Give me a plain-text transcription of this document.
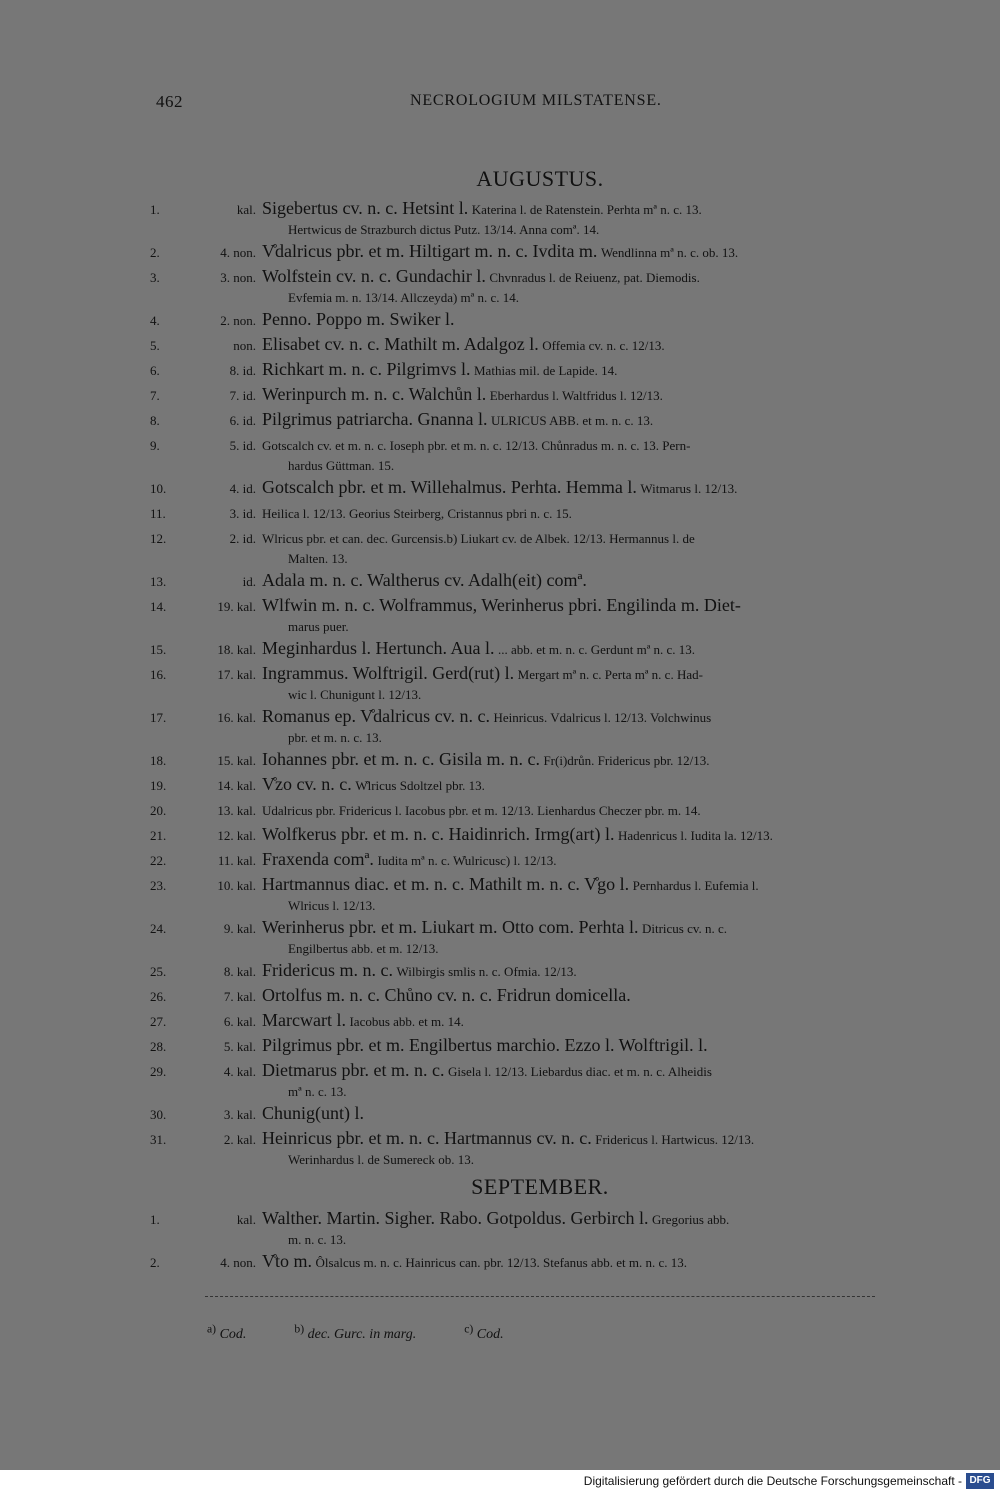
462	NECROLOGIUM MILSTATENSE.
AUGUSTUS.
1.	kal. Sigebertus cv. n. c. Hetsint l. Katerina l. de Ratenstein. Perhta mª n. c. 13.
Hertwicus de Strazburch dictus Putz. 13/14. Anna comª. 14.
2.	4. non. V̊dalricus pbr. et m. Hiltigart m. n. c. Ivdita m. Wendlinna mª n. c. ob. 13.
3.	3. non. Wolfstein cv. n. c. Gundachir l. Chvnradus l. de Reiuenz, pat. Diemodis.
Evfemia m. n. 13/14. Allczeyda) mª n. c. 14.
4.	2. non. Penno. Poppo m. Swiker l.
5.	non. Elisabet cv. n. c. Mathilt m. Adalgoz l. Offemia cv. n. c. 12/13.
6.	8. id. Richkart m. n. c. Pilgrimvs l. Mathias mil. de Lapide. 14.
7.	7. id. Werinpurch m. n. c. Walchůn l. Eberhardus l. Waltfridus l. 12/13.
8.	6. id. Pilgrimus patriarcha. Gnanna l. ULRICUS ABB. et m. n. c. 13.
9.	5. id. Gotscalch cv. et m. n. c. Ioseph pbr. et m. n. c. 12/13. Chůnradus m. n. c. 13. Pern-
hardus Güttman. 15.
10.	4. id. Gotscalch pbr. et m. Willehalmus. Perhta. Hemma l. Witmarus l. 12/13.
11.	3. id. Heilica l. 12/13. Georius Steirberg, Cristannus pbri n. c. 15.
12.	2. id. Wlricus pbr. et can. dec. Gurcensis.b) Liukart cv. de Albek. 12/13. Hermannus l. de
Malten. 13.
13.	id. Adala m. n. c. Waltherus cv. Adalh(eit) comª.
14.	19. kal. Wlfwin m. n. c. Wolframmus, Werinherus pbri. Engilinda m. Diet-
marus puer.
15.	18. kal. Meginhardus l. Hertunch. Aua l. ... abb. et m. n. c. Gerdunt mª n. c. 13.
16.	17. kal. Ingrammus. Wolftrigil. Gerd(rut) l. Mergart mª n. c. Perta mª n. c. Had-
wic l. Chunigunt l. 12/13.
17.	16. kal. Romanus ep. V̊dalricus cv. n. c. Heinricus. Vdalricus l. 12/13. Volchwinus
pbr. et m. n. c. 13.
18.	15. kal. Iohannes pbr. et m. n. c. Gisila m. n. c. Fr(i)drůn. Fridericus pbr. 12/13.
19.	14. kal. V̊zo cv. n. c. W̊lricus Sdoltzel pbr. 13.
20.	13. kal. Udalricus pbr. Fridericus l. Iacobus pbr. et m. 12/13. Lienhardus Checzer pbr. m. 14.
21.	12. kal. Wolfkerus pbr. et m. n. c. Haidinrich. Irmg(art) l. Hadenricus l. Iudita la. 12/13.
22.	11. kal. Fraxenda comª. Iudita mª n. c. W̊ulricusc) l. 12/13.
23.	10. kal. Hartmannus diac. et m. n. c. Mathilt m. n. c. V̊go l. Pernhardus l. Eufemia l.
Wlricus l. 12/13.
24.	9. kal. Werinherus pbr. et m. Liukart m. Otto com. Perhta l. Ditricus cv. n. c.
Engilbertus abb. et m. 12/13.
25.	8. kal. Fridericus m. n. c. Wilbirgis smlis n. c. Ofmia. 12/13.
26.	7. kal. Ortolfus m. n. c. Chůno cv. n. c. Fridrun domicella.
27.	6. kal. Marcwart l. Iacobus abb. et m. 14.
28.	5. kal. Pilgrimus pbr. et m. Engilbertus marchio. Ezzo l. Wolftrigil. l.
29.	4. kal. Dietmarus pbr. et m. n. c. Gisela l. 12/13. Liebardus diac. et m. n. c. Alheidis
mª n. c. 13.
30.	3. kal. Chunig(unt) l.
31.	2. kal. Heinricus pbr. et m. n. c. Hartmannus cv. n. c. Fridericus l. Hartwicus. 12/13.
Werinhardus l. de Sumereck ob. 13.
SEPTEMBER.
1.	kal. Walther. Martin. Sigher. Rabo. Gotpoldus. Gerbirch l. Gregorius abb.
m. n. c. 13.
2.	4. non. V̊to m. Ôlsalcus m. n. c. Hainricus can. pbr. 12/13. Stefanus abb. et m. n. c. 13.
$^{a)}$ Cod.	$^{b)}$ dec. Gurc. in marg.	$^{c)}$ Cod.
Digitalisierung gefördert durch die Deutsche Forschungsgemeinschaft - DFG
